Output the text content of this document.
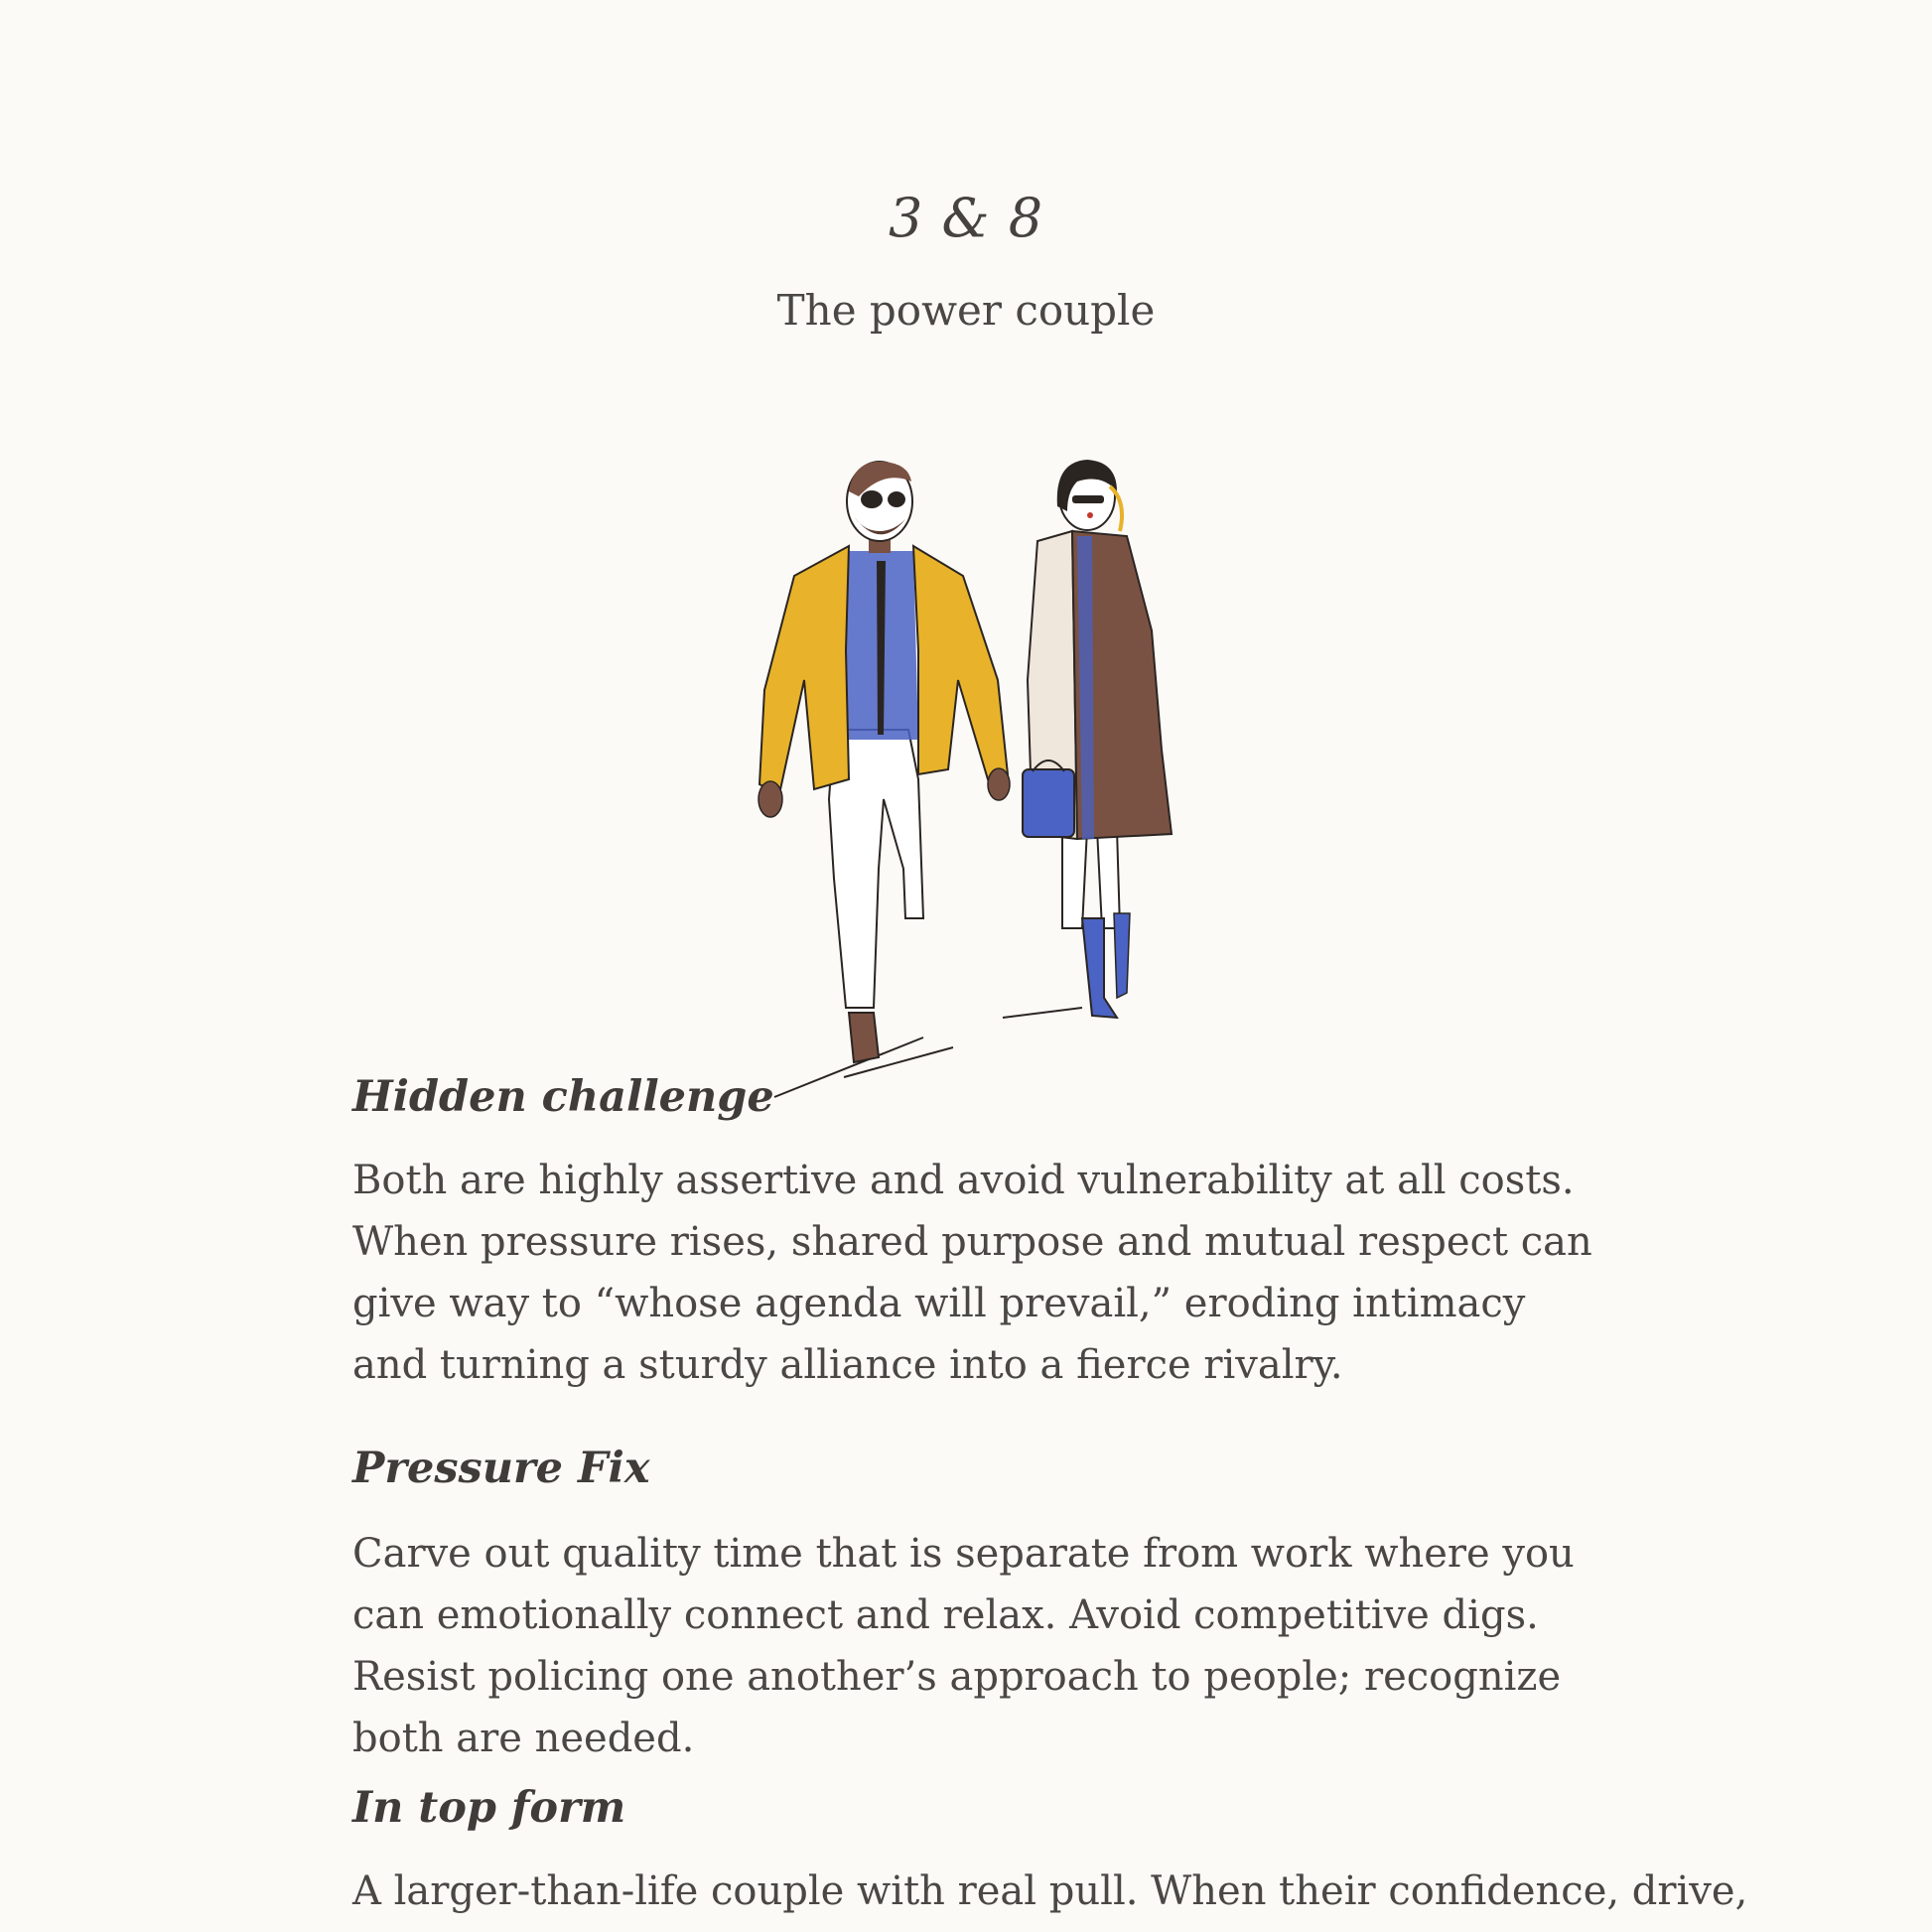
3 & 8
The power couple
Hidden challenge

Both are highly assertive and avoid vulnerability at all costs. When pressure rises, shared purpose and mutual respect can give way to “whose agenda will prevail,” eroding intimacy and turning a sturdy alliance into a fierce rivalry.

Pressure Fix

Carve out quality time that is separate from work where you can emotionally connect and relax. Avoid competitive digs. Resist policing one another’s approach to people; recognize both are needed.

In top form

A larger-than-life couple with real pull. When their confidence, drive,
